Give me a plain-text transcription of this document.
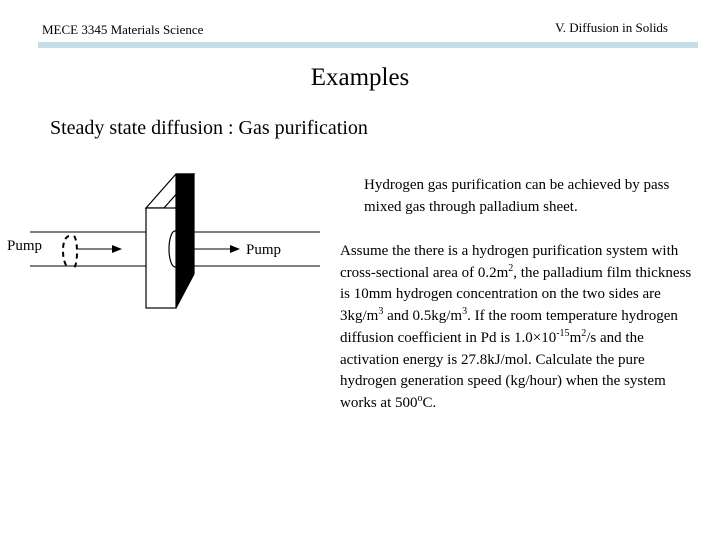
MECE 3345 Materials Science	V. Diffusion in Solids
Examples
Steady state diffusion : Gas purification
Hydrogen gas purification can be achieved by pass mixed gas through palladium sheet.
Pump	Pump	Assume the there is a hydrogen purification system with cross-sectional area of $0.2m^2$, the palladium film thickness is 10mm hydrogen concentration on the two sides are $3kg/m^3$ and $0.5kg/m^3$. If the room temperature hydrogen diffusion coefficient in Pd is $1.0\times 10^{-15}m^2/s$ and the activation energy is 27.8kJ/mol. Calculate the pure hydrogen generation speed (kg/hour) when the system works at 500$^o$C.
